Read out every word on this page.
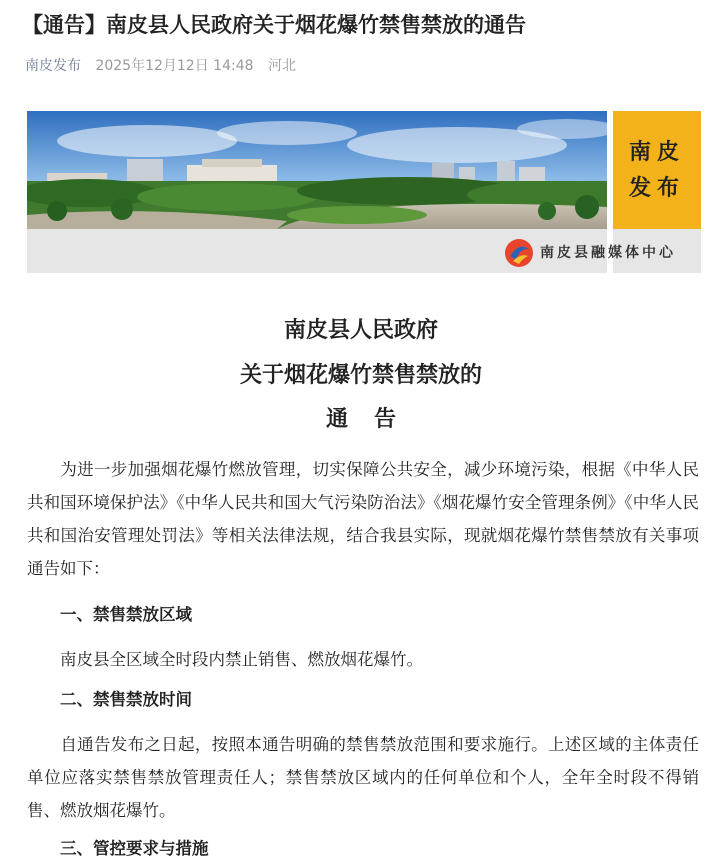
【通告】南皮县人民政府关于烟花爆竹禁售禁放的通告
南皮发布 2025年12月12日 14:48 河北
南皮
发布
南皮县融媒体中心
南皮县人民政府
关于烟花爆竹禁售禁放的
通告
为进一步加强烟花爆竹燃放管理，切实保障公共安全，减少环境污染，根据《中华人民共和国环境保护法》《中华人民共和国大气污染防治法》《烟花爆竹安全管理条例》《中华人民共和国治安管理处罚法》等相关法律法规，结合我县实际，现就烟花爆竹禁售禁放有关事项通告如下：
一、禁售禁放区域
南皮县全区域全时段内禁止销售、燃放烟花爆竹。
二、禁售禁放时间
自通告发布之日起，按照本通告明确的禁售禁放范围和要求施行。上述区域的主体责任单位应落实禁售禁放管理责任人；禁售禁放区域内的任何单位和个人，全年全时段不得销售、燃放烟花爆竹。
三、管控要求与措施
